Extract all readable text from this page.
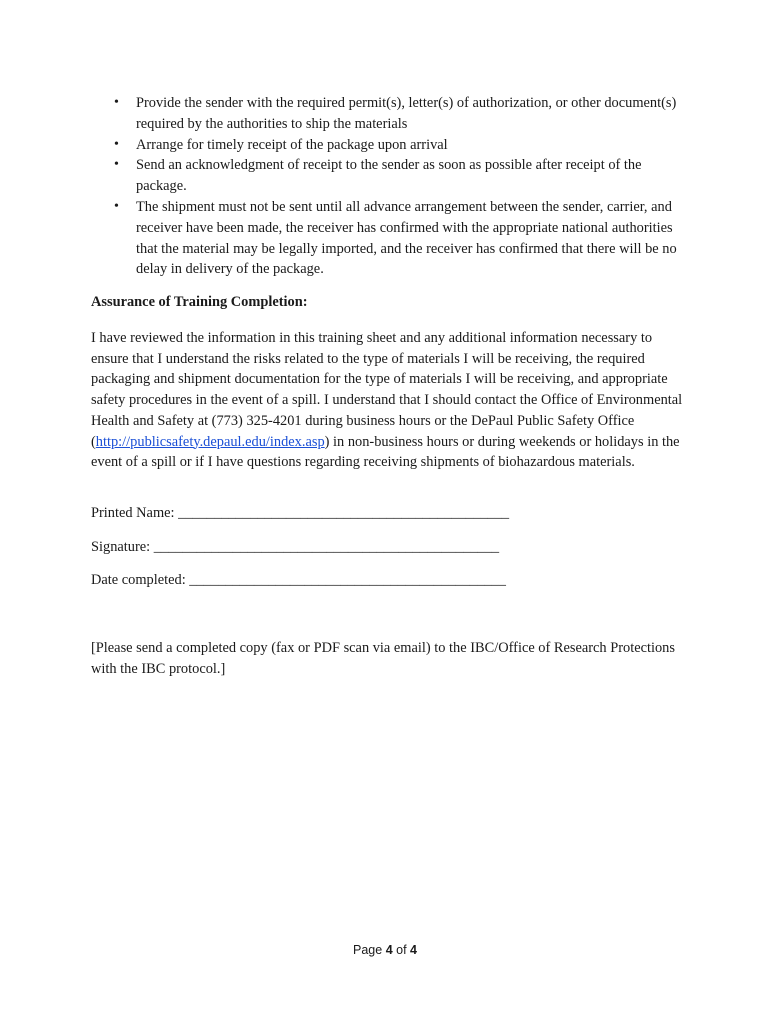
• Provide the sender with the required permit(s), letter(s) of authorization, or other document(s) required by the authorities to ship the materials
• Arrange for timely receipt of the package upon arrival
• Send an acknowledgment of receipt to the sender as soon as possible after receipt of the package.
• The shipment must not be sent until all advance arrangement between the sender, carrier, and receiver have been made, the receiver has confirmed with the appropriate national authorities that the material may be legally imported, and the receiver has confirmed that there will be no delay in delivery of the package.
Assurance of Training Completion:
I have reviewed the information in this training sheet and any additional information necessary to ensure that I understand the risks related to the type of materials I will be receiving, the required packaging and shipment documentation for the type of materials I will be receiving, and appropriate safety procedures in the event of a spill. I understand that I should contact the Office of Environmental Health and Safety at (773) 325-4201 during business hours or the DePaul Public Safety Office (http://publicsafety.depaul.edu/index.asp) in non-business hours or during weekends or holidays in the event of a spill or if I have questions regarding receiving shipments of biohazardous materials.
Printed Name: ______________________________________________
Signature: ________________________________________________
Date completed: ____________________________________________
[Please send a completed copy (fax or PDF scan via email) to the IBC/Office of Research Protections with the IBC protocol.]
Page 4 of 4
